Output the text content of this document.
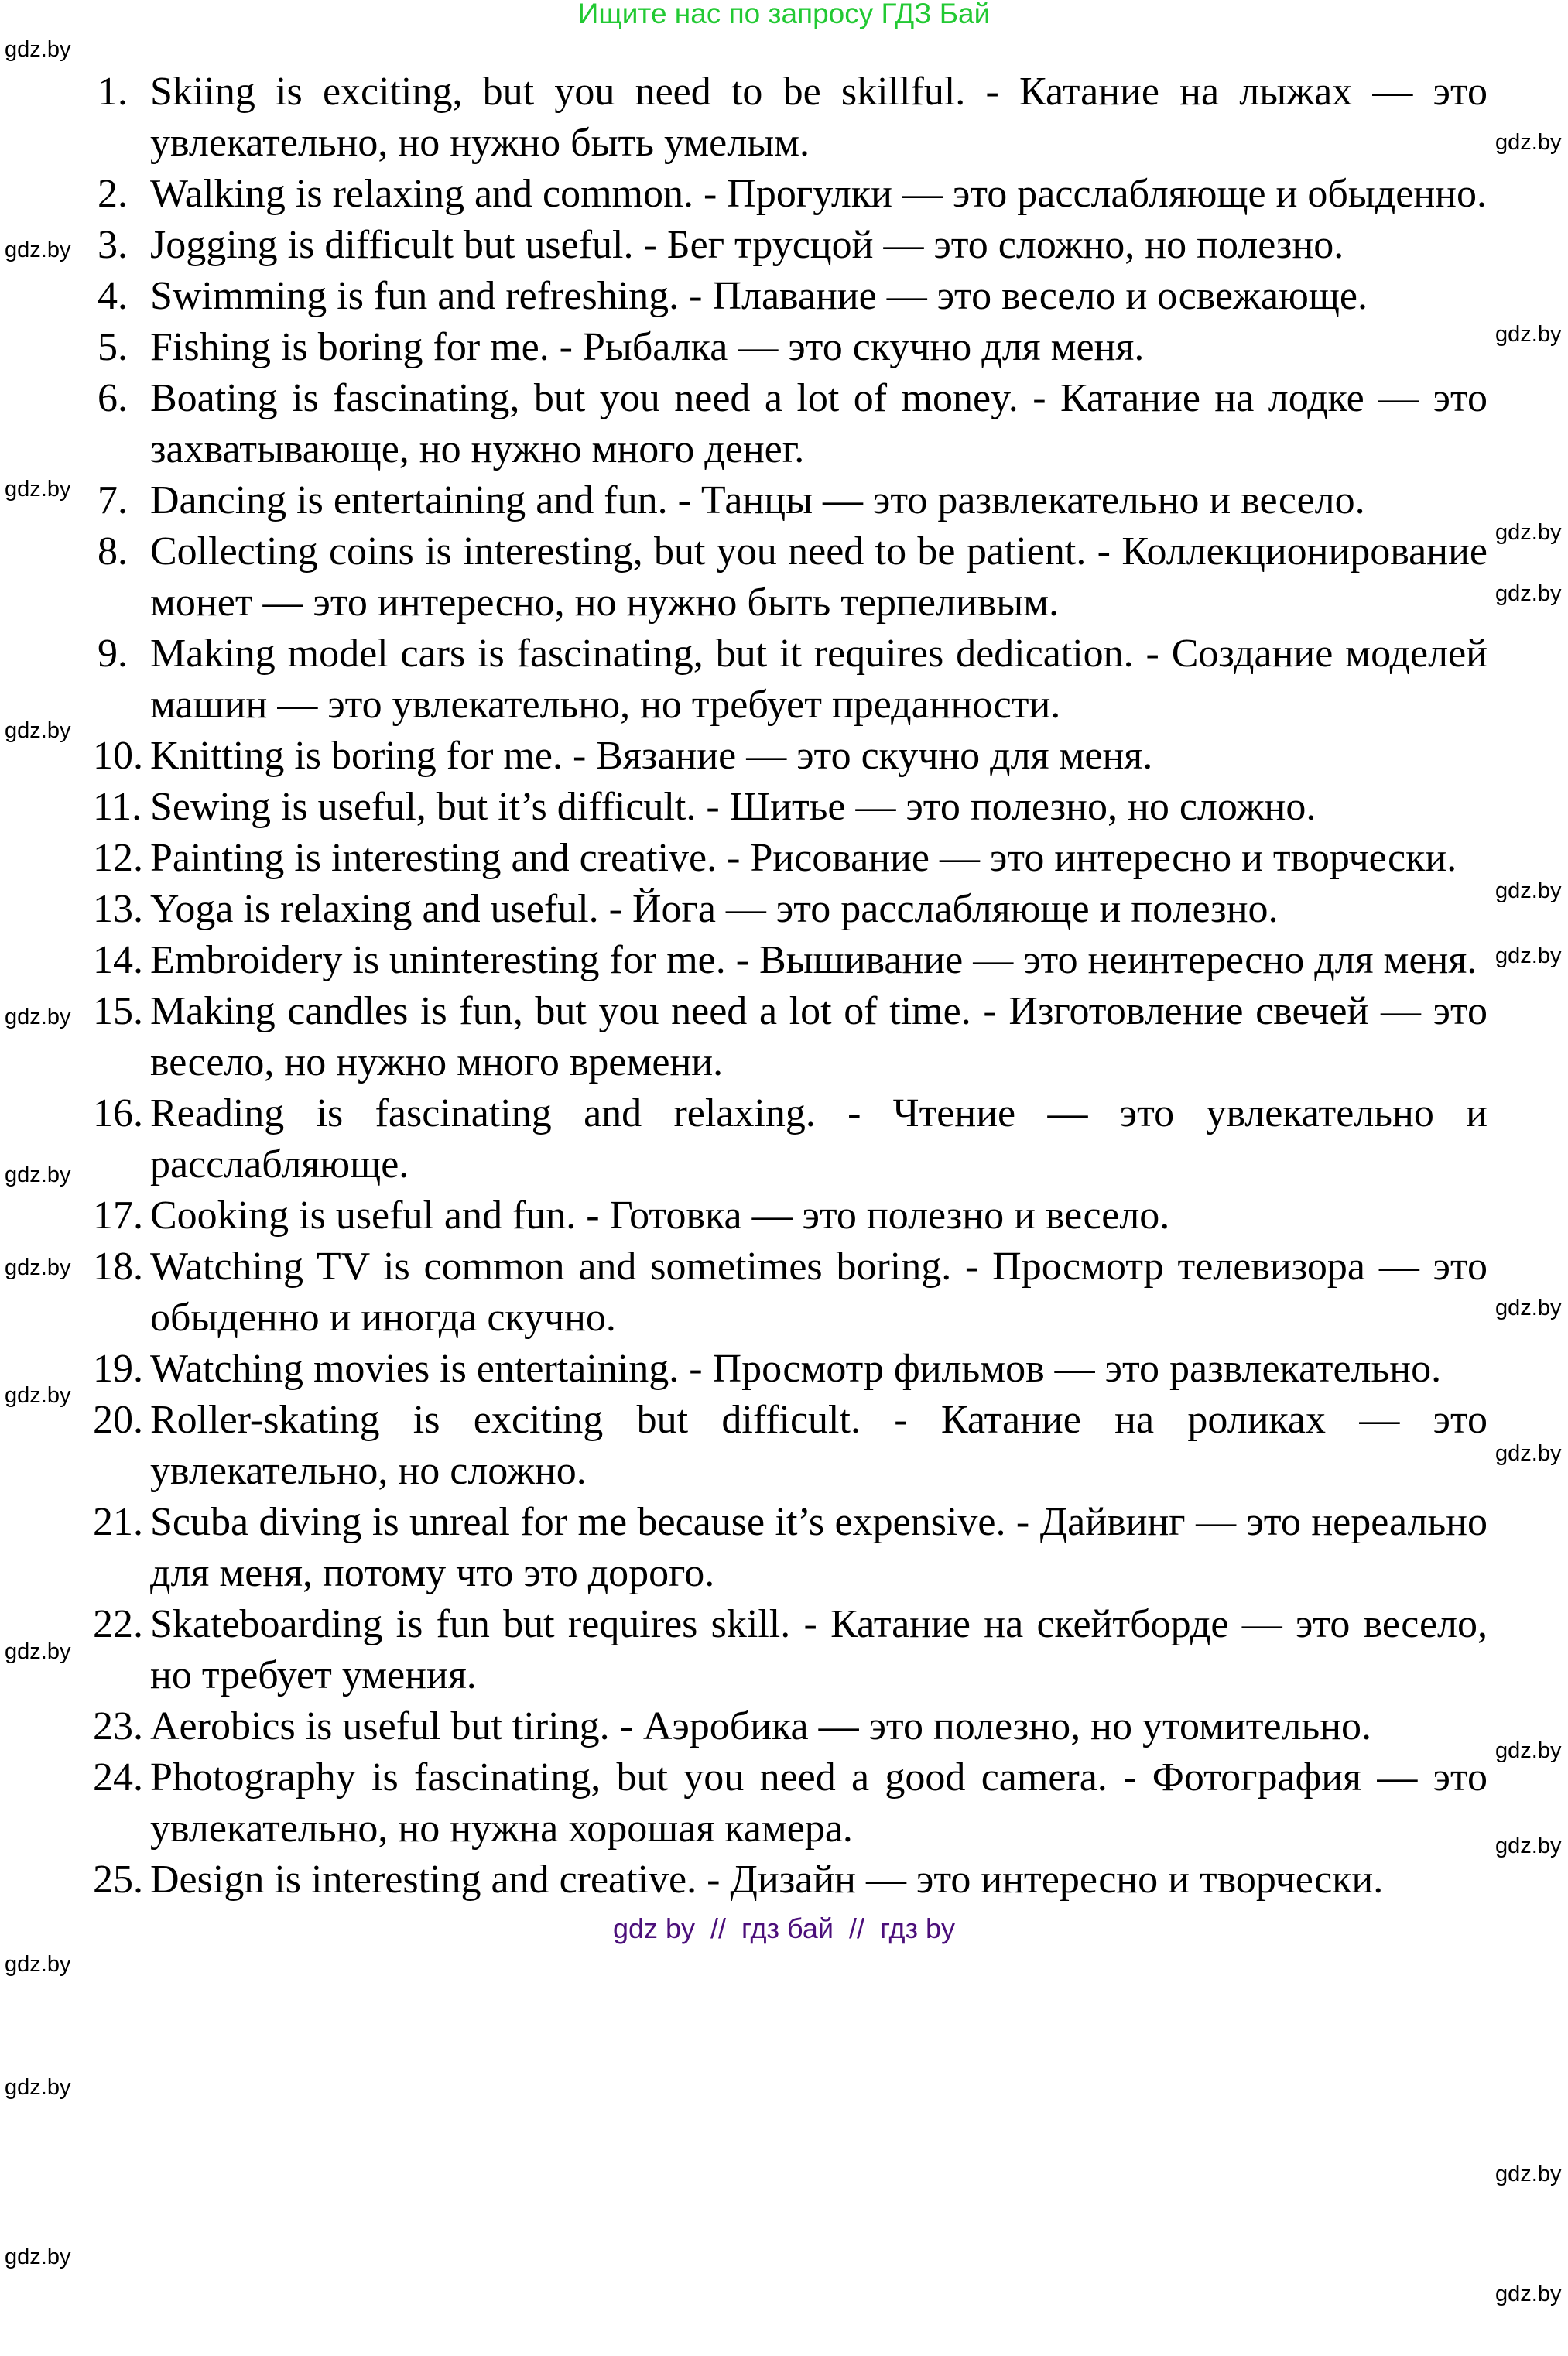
Ищите нас по запросу ГДЗ Бай
1. Skiing is exciting, but you need to be skillful. - Катание на лыжах — это увлекательно, но нужно быть умелым.
2. Walking is relaxing and common. - Прогулки — это расслабляюще и обыденно.
3. Jogging is difficult but useful. - Бег трусцой — это сложно, но полезно.
4. Swimming is fun and refreshing. - Плавание — это весело и освежающе.
5. Fishing is boring for me. - Рыбалка — это скучно для меня.
6. Boating is fascinating, but you need a lot of money. - Катание на лодке — это захватывающе, но нужно много денег.
7. Dancing is entertaining and fun. - Танцы — это развлекательно и весело.
8. Collecting coins is interesting, but you need to be patient. - Коллекционирование монет — это интересно, но нужно быть терпеливым.
9. Making model cars is fascinating, but it requires dedication. - Создание моделей машин — это увлекательно, но требует преданности.
10. Knitting is boring for me. - Вязание — это скучно для меня.
11. Sewing is useful, but it’s difficult. - Шитье — это полезно, но сложно.
12. Painting is interesting and creative. - Рисование — это интересно и творчески.
13. Yoga is relaxing and useful. - Йога — это расслабляюще и полезно.
14. Embroidery is uninteresting for me. - Вышивание — это неинтересно для меня.
15. Making candles is fun, but you need a lot of time. - Изготовление свечей — это весело, но нужно много времени.
16. Reading is fascinating and relaxing. - Чтение — это увлекательно и расслабляюще.
17. Cooking is useful and fun. - Готовка — это полезно и весело.
18. Watching TV is common and sometimes boring. - Просмотр телевизора — это обыденно и иногда скучно.
19. Watching movies is entertaining. - Просмотр фильмов — это развлекательно.
20. Roller-skating is exciting but difficult. - Катание на роликах — это увлекательно, но сложно.
21. Scuba diving is unreal for me because it’s expensive. - Дайвинг — это нереально для меня, потому что это дорого.
22. Skateboarding is fun but requires skill. - Катание на скейтборде — это весело, но требует умения.
23. Aerobics is useful but tiring. - Аэробика — это полезно, но утомительно.
24. Photography is fascinating, but you need a good camera. - Фотография — это увлекательно, но нужна хорошая камера.
25. Design is interesting and creative. - Дизайн — это интересно и творчески.
gdz by  //  гдз бай  //  гдз by
gdz.by
gdz.by
gdz.by
gdz.by
gdz.by
gdz.by
gdz.by
gdz.by
gdz.by
gdz.by
gdz.by
gdz.by
gdz.by
gdz.by
gdz.by
gdz.by
gdz.by
gdz.by
gdz.by
gdz.by
gdz.by
gdz.by
gdz.by
gdz.by
